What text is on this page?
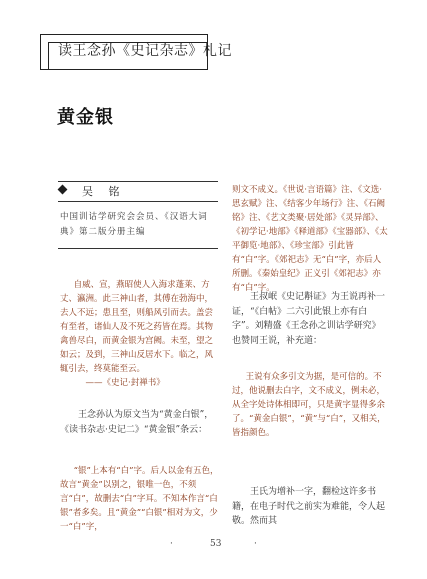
读王念孙《史记杂志》札记
黄金银
吴 铭
中国训诂学研究会会员、《汉语大词典》第二版分册主编
自威、宣，燕昭使人入海求蓬莱、方丈、瀛洲。此三神山者，其傅在勃海中，去人不远；患且至，则船风引而去。盖尝有至者，诸仙人及不死之药皆在焉。其物禽兽尽白，而黄金银为宫阙。未至，望之如云；及到，三神山反居水下。临之，风辄引去，终莫能至云。
——《史记·封禅书》
王念孙认为原文当为“黄金白银”，《读书杂志·史记二》“黄金银”条云：
“银”上本有“白”字。后人以金有五色，故言“黄金”以别之，银唯一色，不须言“白”，故删去“白”字耳。不知本作言“白银”者多矣。且“黄金”“白银”相对为文，少一“白”字，
则文不成义。《世说·言语篇》注、《文选·思玄赋》注、《结客少年场行》注、《石阙铭》注、《艺文类聚·居处部》《灵异部》、《初学记·地部》《释道部》《宝器部》、《太平御览·地部》、《珍宝部》引此皆有“白”字。《郊祀志》无“白”字，亦后人所删。《秦始皇纪》正义引《郊祀志》亦有“白”字。
王叔岷《史记斠证》为王说再补一证，“《白帖》二六引此银上亦有白字”。刘精盛《王念孙之训诂学研究》也赞同王说，补充道：
王说有众多引文为据，是可信的。不过，他说删去白字，文不成义，例未必，从全字处诗体相即可，只是黄字显得多余了。“黄金白银”，“黄”与“白”，又相关，皆指颜色。
王氏为增补一字，翻检这许多书籍，在电子时代之前实为难能，令人起敬。然而其
·	53	·
